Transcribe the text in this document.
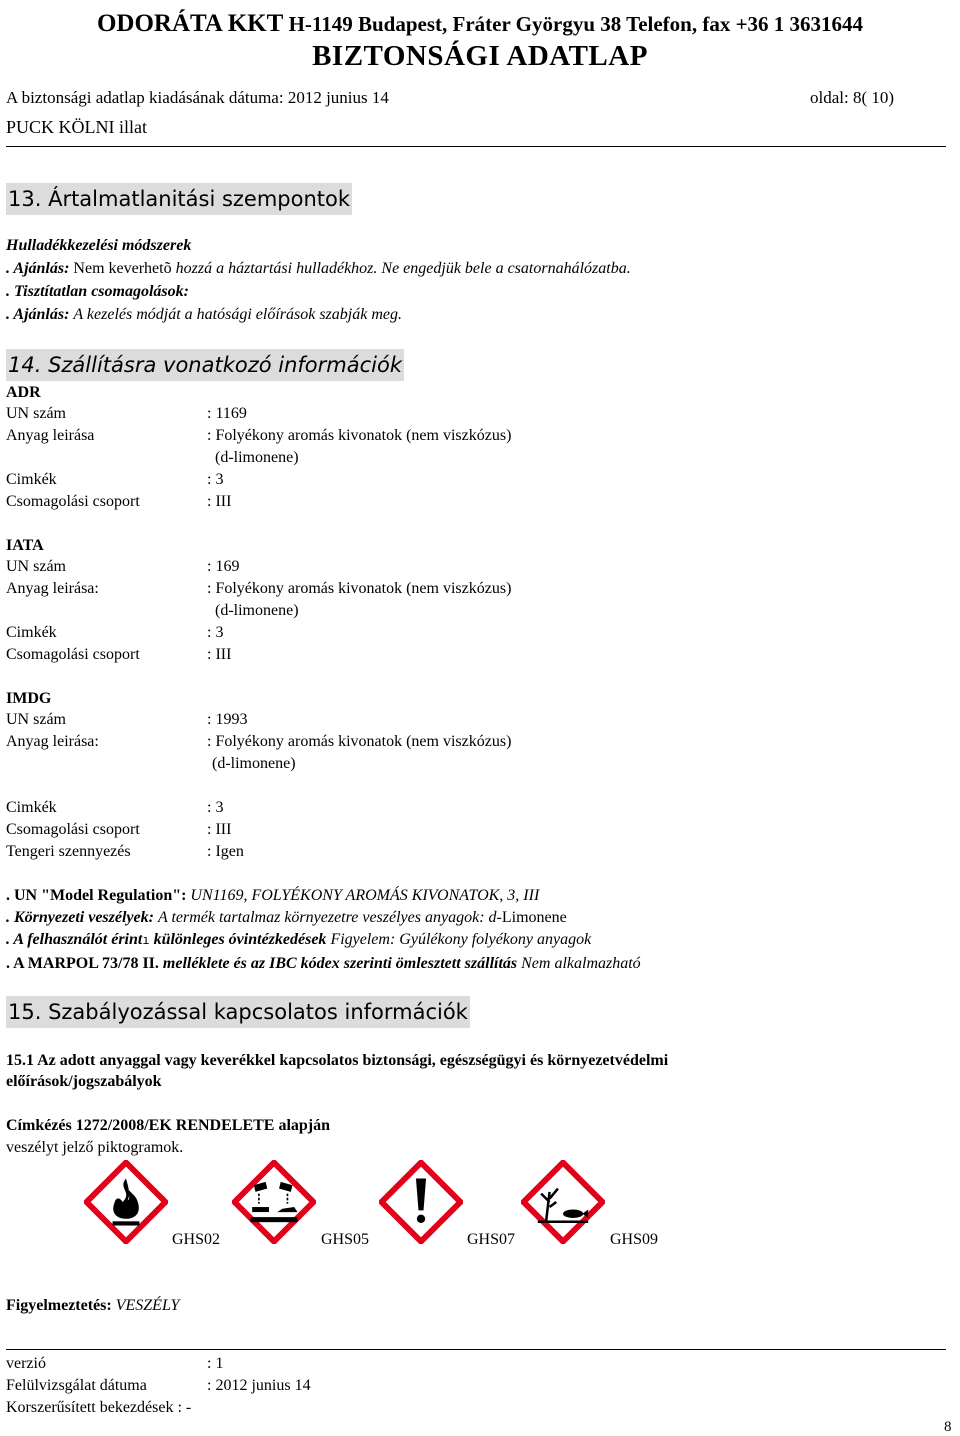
ODORÁTA KKT H-1149 Budapest, Fráter Györgyu 38 Telefon, fax +36 1 3631644
BIZTONSÁGI ADATLAP
A biztonsági adatlap kiadásának dátuma: 2012 junius 14	oldal: 8( 10)
PUCK KÖLNI illat
13. Ártalmatlanitási szempontok
Hulladékkezelési módszerek
. Ajánlás: Nem keverhetõ hozzá a háztartási hulladékhoz. Ne engedjük bele a csatornahálózatba.
. Tisztítatlan csomagolások:
. Ajánlás: A kezelés módját a hatósági előírások szabják meg.
14. Szállításra vonatkozó információk
ADR
UN szám	: 1169
Anyag leirása	: Folyékony aromás kivonatok (nem viszkózus)
(d-limonene)
Cimkék	: 3
Csomagolási csoport	: III
IATA
UN szám	: 169
Anyag leirása:	: Folyékony aromás kivonatok (nem viszkózus)
(d-limonene)
Cimkék	: 3
Csomagolási csoport	: III
IMDG
UN szám	: 1993
Anyag leirása:	: Folyékony aromás kivonatok (nem viszkózus)
(d-limonene)
Cimkék	: 3
Csomagolási csoport	: III
Tengeri szennyezés	: Igen
. UN "Model Regulation": UN1169, FOLYÉKONY AROMÁS KIVONATOK, 3, III
. Környezeti veszélyek: A termék tartalmaz környezetre veszélyes anyagok: d-Limonene
. A felhasználót érintı különleges óvintézkedések Figyelem: Gyúlékony folyékony anyagok
. A MARPOL 73/78 II. melléklete és az IBC kódex szerinti ömlesztett szállítás Nem alkalmazható
15. Szabályozással kapcsolatos információk
15.1 Az adott anyaggal vagy keverékkel kapcsolatos biztonsági, egészségügyi és környezetvédelmi
előírások/jogszabályok
Címkézés 1272/2008/EK RENDELETE alapján
veszélyt jelző piktogramok.
GHS02	GHS05	GHS07	GHS09
Figyelmeztetés: VESZÉLY
verzió	: 1
Felülvizsgálat dátuma	: 2012 junius 14
Korszerűsített bekezdések : -
8
